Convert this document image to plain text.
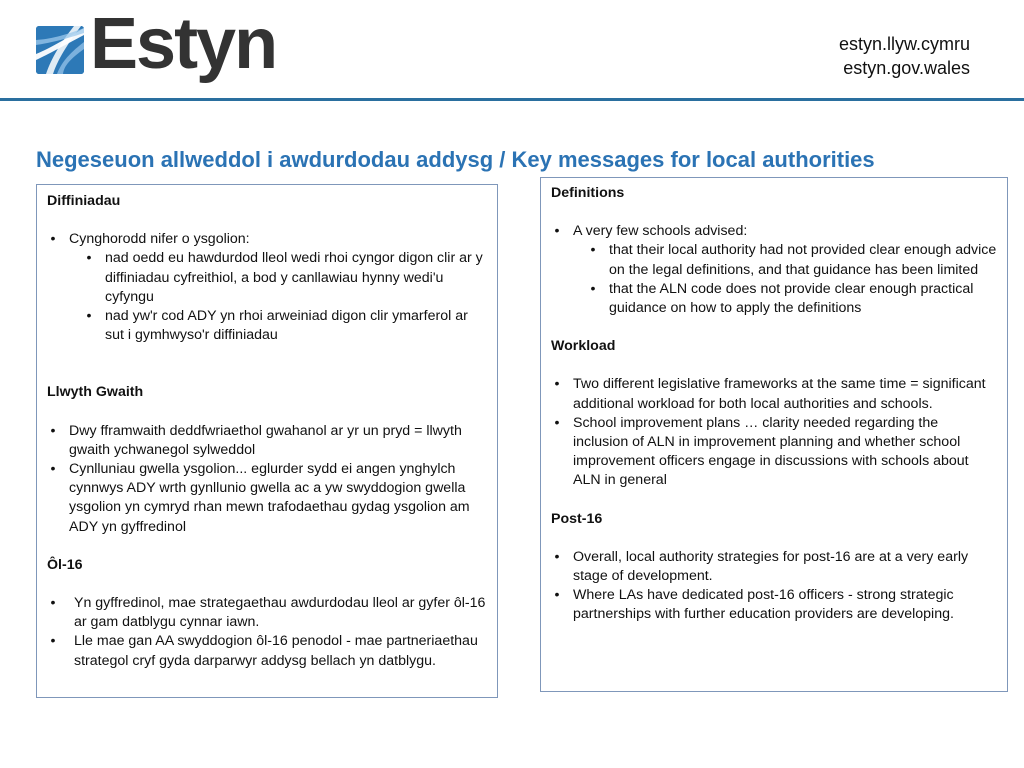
Estyn	estyn.llyw.cymru
estyn.gov.wales
Negeseuon allweddol i awdurdodau addysg / Key messages for local authorities
Diffiniadau
• Cynghorodd nifer o ysgolion:
• nad oedd eu hawdurdod lleol wedi rhoi cyngor digon clir ar y diffiniadau cyfreithiol, a bod y canllawiau hynny wedi'u cyfyngu
• nad yw'r cod ADY yn rhoi arweiniad digon clir ymarferol ar sut i gymhwyso'r diffiniadau
Llwyth Gwaith
• Dwy fframwaith deddfwriaethol gwahanol ar yr un pryd = llwyth gwaith ychwanegol sylweddol
• Cynlluniau gwella ysgolion... eglurder sydd ei angen ynghylch cynnwys ADY wrth gynllunio gwella ac a yw swyddogion gwella ysgolion yn cymryd rhan mewn trafodaethau gydag ysgolion am ADY yn gyffredinol
Ôl-16
• Yn gyffredinol, mae strategaethau awdurdodau lleol ar gyfer ôl-16 ar gam datblygu cynnar iawn.
• Lle mae gan AA swyddogion ôl-16 penodol - mae partneriaethau strategol cryf gyda darparwyr addysg bellach yn datblygu.
Definitions
• A very few schools advised:
• that their local authority had not provided clear enough advice on the legal definitions, and that guidance has been limited
• that the ALN code does not provide clear enough practical guidance on how to apply the definitions
Workload
• Two different legislative frameworks at the same time = significant additional workload for both local authorities and schools.
• School improvement plans … clarity needed regarding the inclusion of ALN in improvement planning and whether school improvement officers engage in discussions with schools about ALN in general
Post-16
• Overall, local authority strategies for post-16 are at a very early stage of development.
• Where LAs have dedicated post-16 officers - strong strategic partnerships with further education providers are developing.
